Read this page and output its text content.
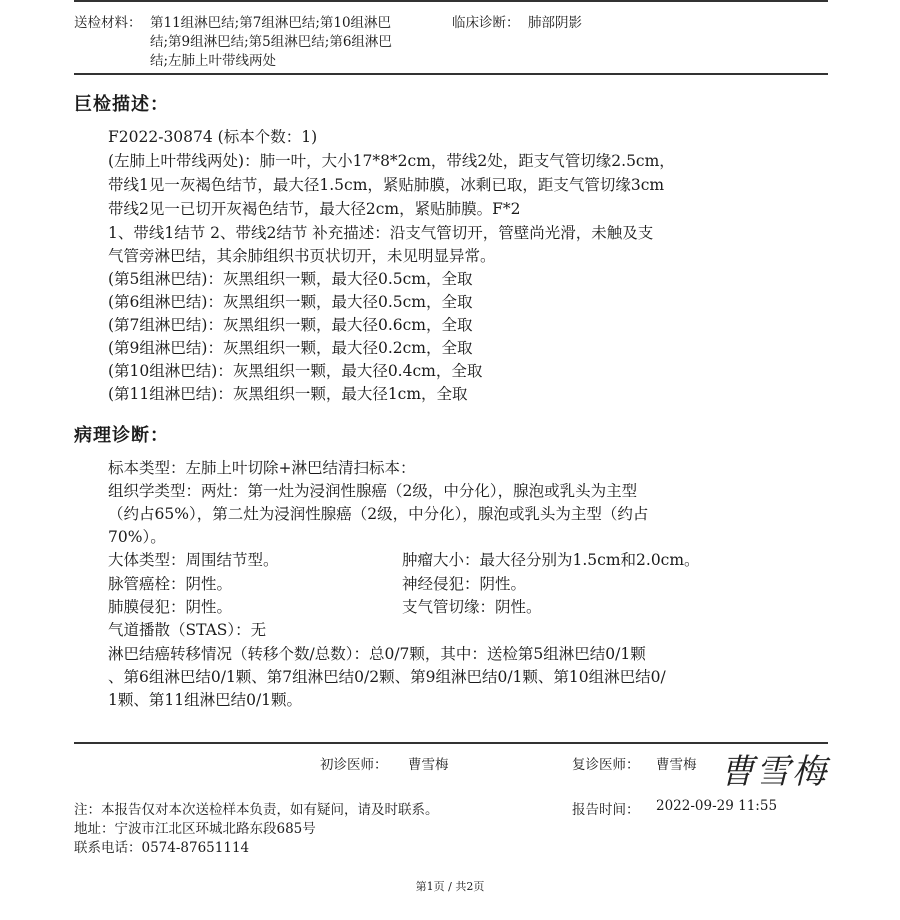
送检材料： 第11组淋巴结;第7组淋巴结;第10组淋巴
结;第9组淋巴结;第5组淋巴结;第6组淋巴
结;左肺上叶带线两处
临床诊断： 肺部阴影
巨检描述：
F2022-30874 (标本个数：1)
(左肺上叶带线两处)：肺一叶，大小17*8*2cm，带线2处，距支气管切缘2.5cm，
带线1见一灰褐色结节，最大径1.5cm，紧贴肺膜，冰剩已取，距支气管切缘3cm
带线2见一已切开灰褐色结节，最大径2cm，紧贴肺膜。F*2
1、带线1结节 2、带线2结节 补充描述：沿支气管切开，管壁尚光滑，未触及支
气管旁淋巴结，其余肺组织书页状切开，未见明显异常。
(第5组淋巴结)：灰黑组织一颗，最大径0.5cm，全取
(第6组淋巴结)：灰黑组织一颗，最大径0.5cm，全取
(第7组淋巴结)：灰黑组织一颗，最大径0.6cm，全取
(第9组淋巴结)：灰黑组织一颗，最大径0.2cm，全取
(第10组淋巴结)：灰黑组织一颗，最大径0.4cm，全取
(第11组淋巴结)：灰黑组织一颗，最大径1cm，全取
病理诊断：
标本类型：左肺上叶切除+淋巴结清扫标本：
组织学类型：两灶：第一灶为浸润性腺癌（2级，中分化），腺泡或乳头为主型
（约占65%），第二灶为浸润性腺癌（2级，中分化），腺泡或乳头为主型（约占
70%）。
大体类型：周围结节型。	肿瘤大小：最大径分别为1.5cm和2.0cm。
脉管癌栓：阴性。	神经侵犯：阴性。
肺膜侵犯：阴性。	支气管切缘：阴性。
气道播散（STAS）：无
淋巴结癌转移情况（转移个数/总数）：总0/7颗，其中：送检第5组淋巴结0/1颗
、第6组淋巴结0/1颗、第7组淋巴结0/2颗、第9组淋巴结0/1颗、第10组淋巴结0/
1颗、第11组淋巴结0/1颗。
初诊医师： 曹雪梅	复诊医师： 曹雪梅 曹雪梅
注：本报告仅对本次送检样本负责，如有疑问，请及时联系。	报告时间： 2022-09-29 11:55
地址：宁波市江北区环城北路东段685号
联系电话：0574-87651114
第1页 / 共2页
